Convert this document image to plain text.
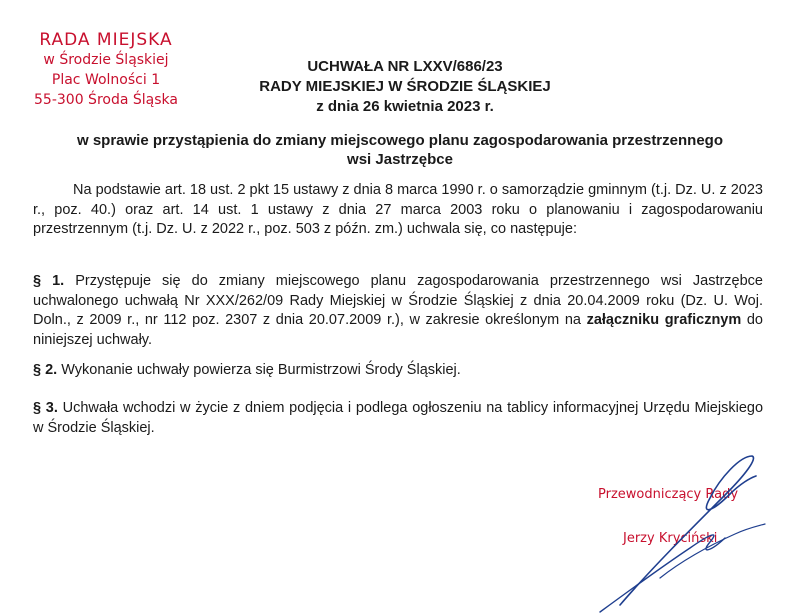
RADA MIEJSKA
w Środzie Śląskiej
Plac Wolności 1
55-300 Środa Śląska
UCHWAŁA NR LXXV/686/23
RADY MIEJSKIEJ W ŚRODZIE ŚLĄSKIEJ
z dnia 26 kwietnia 2023 r.
w sprawie przystąpienia do zmiany miejscowego planu zagospodarowania przestrzennego
wsi Jastrzębce
Na podstawie art. 18 ust. 2 pkt 15 ustawy z dnia 8 marca 1990 r. o samorządzie gminnym (t.j. Dz. U. z 2023 r., poz. 40.) oraz art. 14 ust. 1 ustawy z dnia 27 marca 2003 roku o planowaniu i zagospodarowaniu przestrzennym (t.j. Dz. U. z 2022 r., poz. 503 z późn. zm.) uchwala się, co następuje:
§ 1. Przystępuje się do zmiany miejscowego planu zagospodarowania przestrzennego wsi Jastrzębce uchwalonego uchwałą Nr XXX/262/09 Rady Miejskiej w Środzie Śląskiej z dnia 20.04.2009 roku (Dz. U. Woj. Doln., z 2009 r., nr 112 poz. 2307 z dnia 20.07.2009 r.), w zakresie określonym na załączniku graficznym do niniejszej uchwały.
§ 2. Wykonanie uchwały powierza się Burmistrzowi Środy Śląskiej.
§ 3. Uchwała wchodzi w życie z dniem podjęcia i podlega ogłoszeniu na tablicy informacyjnej Urzędu Miejskiego w Środzie Śląskiej.
Przewodniczący Rady
Jerzy Kryciński
